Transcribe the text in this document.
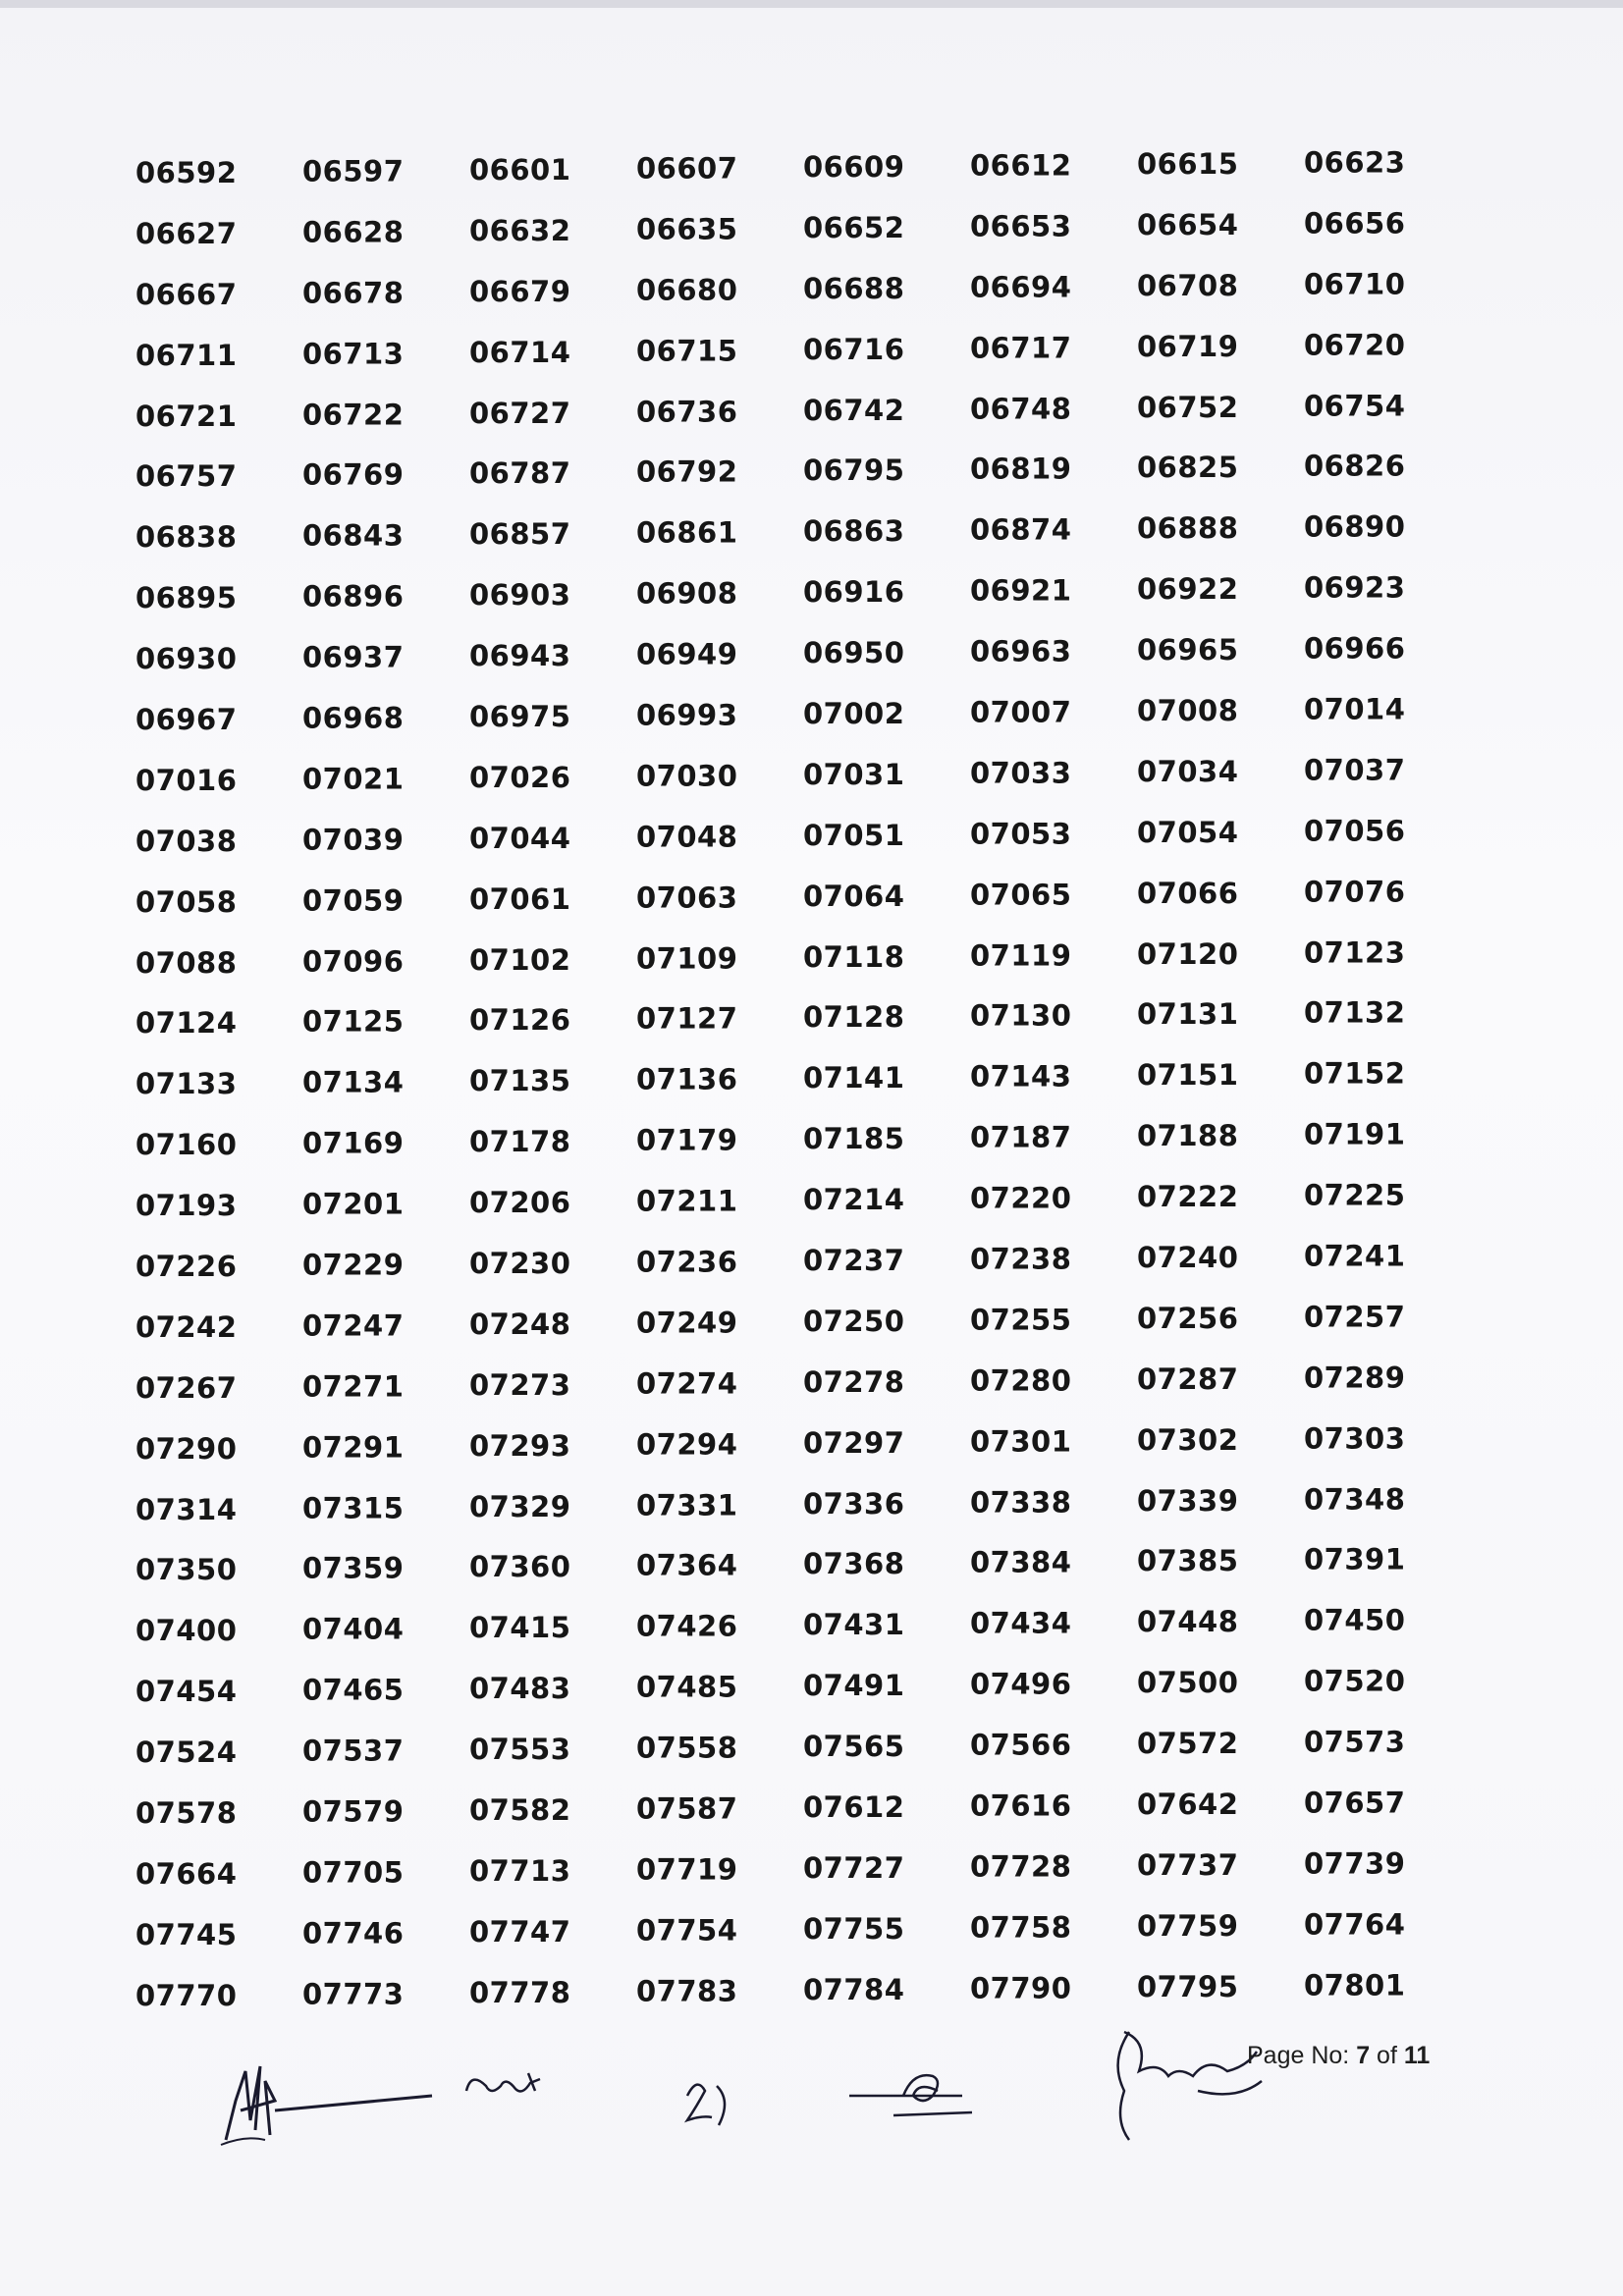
06592	06597	06601	06607	06609	06612	06615	06623
06627	06628	06632	06635	06652	06653	06654	06656
06667	06678	06679	06680	06688	06694	06708	06710
06711	06713	06714	06715	06716	06717	06719	06720
06721	06722	06727	06736	06742	06748	06752	06754
06757	06769	06787	06792	06795	06819	06825	06826
06838	06843	06857	06861	06863	06874	06888	06890
06895	06896	06903	06908	06916	06921	06922	06923
06930	06937	06943	06949	06950	06963	06965	06966
06967	06968	06975	06993	07002	07007	07008	07014
07016	07021	07026	07030	07031	07033	07034	07037
07038	07039	07044	07048	07051	07053	07054	07056
07058	07059	07061	07063	07064	07065	07066	07076
07088	07096	07102	07109	07118	07119	07120	07123
07124	07125	07126	07127	07128	07130	07131	07132
07133	07134	07135	07136	07141	07143	07151	07152
07160	07169	07178	07179	07185	07187	07188	07191
07193	07201	07206	07211	07214	07220	07222	07225
07226	07229	07230	07236	07237	07238	07240	07241
07242	07247	07248	07249	07250	07255	07256	07257
07267	07271	07273	07274	07278	07280	07287	07289
07290	07291	07293	07294	07297	07301	07302	07303
07314	07315	07329	07331	07336	07338	07339	07348
07350	07359	07360	07364	07368	07384	07385	07391
07400	07404	07415	07426	07431	07434	07448	07450
07454	07465	07483	07485	07491	07496	07500	07520
07524	07537	07553	07558	07565	07566	07572	07573
07578	07579	07582	07587	07612	07616	07642	07657
07664	07705	07713	07719	07727	07728	07737	07739
07745	07746	07747	07754	07755	07758	07759	07764
07770	07773	07778	07783	07784	07790	07795	07801
Page No: 7 of 11
